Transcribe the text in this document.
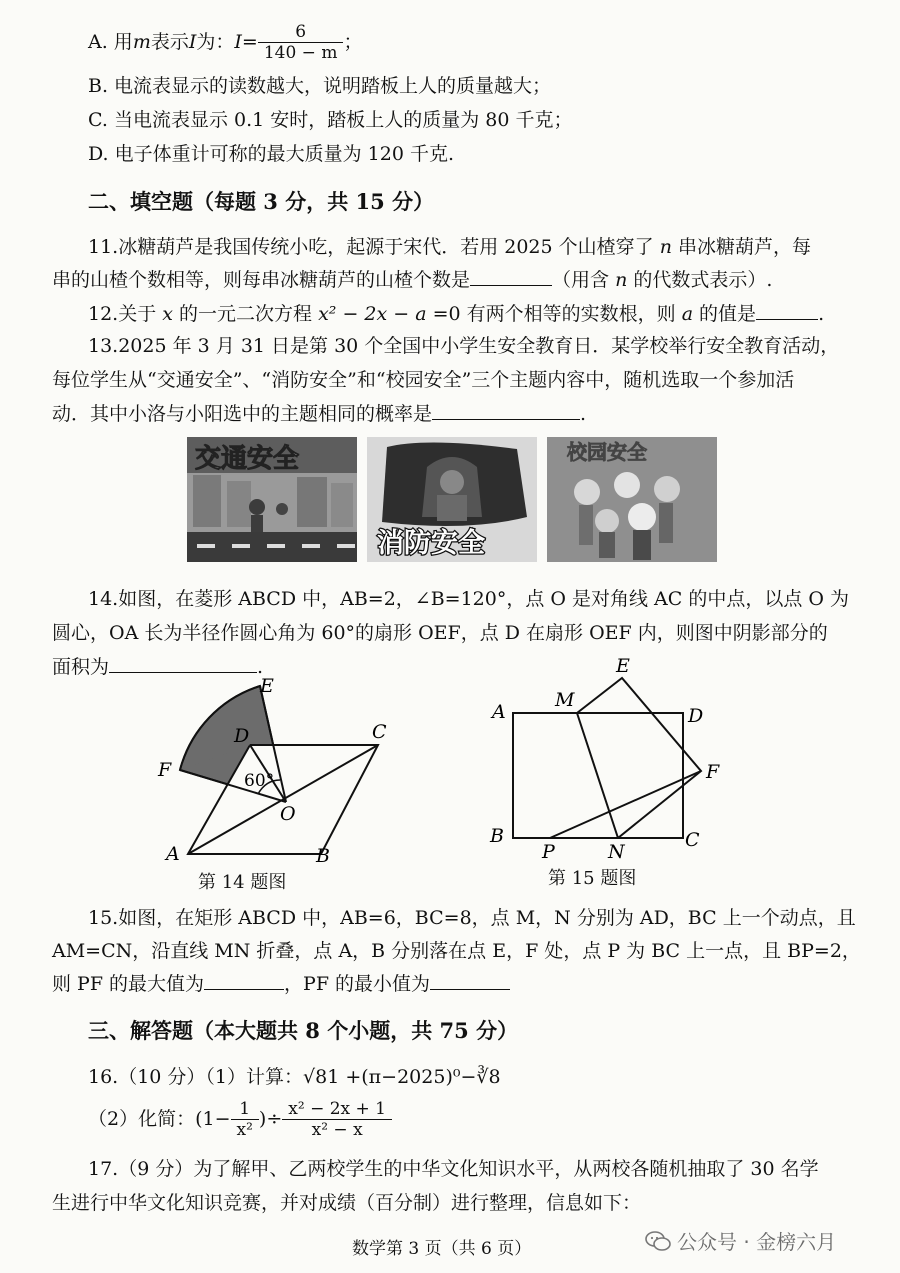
A. 用 m 表示 I 为： $I = \frac{6}{140 - m}$ ；
B. 电流表显示的读数越大，说明踏板上人的质量越大；
C. 当电流表显示 0.1 安时，踏板上人的质量为 80 千克；
D. 电子体重计可称的最大质量为 120 千克.
二、填空题（每题 3 分，共 15 分）
11.冰糖葫芦是我国传统小吃，起源于宋代．若用 2025 个山楂穿了 n 串冰糖葫芦，每
串的山楂个数相等，则每串冰糖葫芦的山楂个数是	（用含 n 的代数式表示）.
12.关于 x 的一元二次方程 x² − 2x − a =0 有两个相等的实数根，则 a 的值是	.
13.2025 年 3 月 31 日是第 30 个全国中小学生安全教育日．某学校举行安全教育活动，
每位学生从“交通安全”、“消防安全”和“校园安全”三个主题内容中，随机选取一个参加活
动．其中小洛与小阳选中的主题相同的概率是	.
交通安全
消防安全
校园安全
14.如图，在菱形 ABCD 中，AB=2，∠B=120°，点 O 是对角线 AC 的中点，以点 O 为
圆心，OA 长为半径作圆心角为 60°的扇形 OEF，点 D 在扇形 OEF 内，则图中阴影部分的
面积为	.
E
D	C
F
O
A	B
60°
第 14 题图
E
M
A	D
F
B
P	N
C
第 15 题图
15.如图，在矩形 ABCD 中，AB=6，BC=8，点 M，N 分别为 AD，BC 上一个动点，且
AM=CN，沿直线 MN 折叠，点 A，B 分别落在点 E，F 处，点 P 为 BC 上一点，且 BP=2，
则 PF 的最大值为	，PF 的最小值为
三、解答题（本大题共 8 个小题，共 75 分）
16.（10 分）（1）计算：√81 +(π−2025)⁰−∛8
（2）化简：($1- \frac{1}{\text{x²}}$ )÷ $\frac{\text{x² − 2x + 1}}{\text{x² − x}}$
17.（9 分）为了解甲、乙两校学生的中华文化知识水平，从两校各随机抽取了 30 名学
生进行中华文化知识竞赛，并对成绩（百分制）进行整理，信息如下：
数学第 3 页（共 6 页）	公众号 · 金榜六月
